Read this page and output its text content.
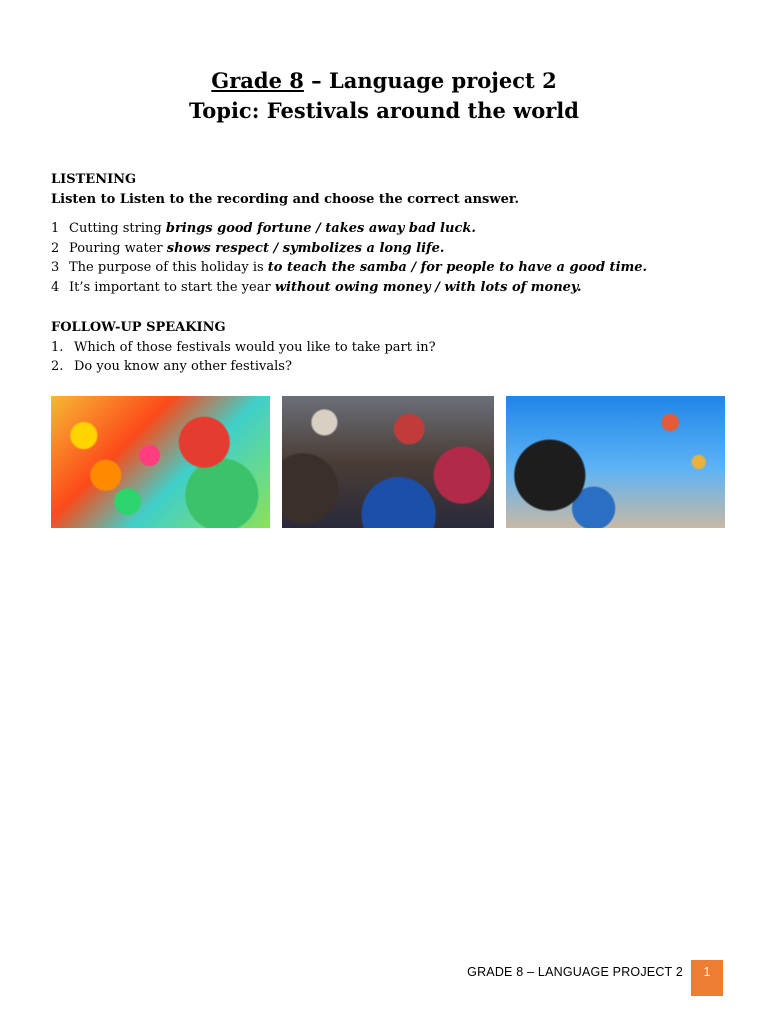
Grade 8 – Language project 2
Topic: Festivals around the world
LISTENING
Listen to Listen to the recording and choose the correct answer.
1 Cutting string brings good fortune / takes away bad luck.
2 Pouring water shows respect / symbolizes a long life.
3 The purpose of this holiday is to teach the samba / for people to have a good time.
4 It’s important to start the year without owing money / with lots of money.
FOLLOW-UP SPEAKING
1. Which of those festivals would you like to take part in?
2. Do you know any other festivals?
GRADE 8 – LANGUAGE PROJECT 2	1
